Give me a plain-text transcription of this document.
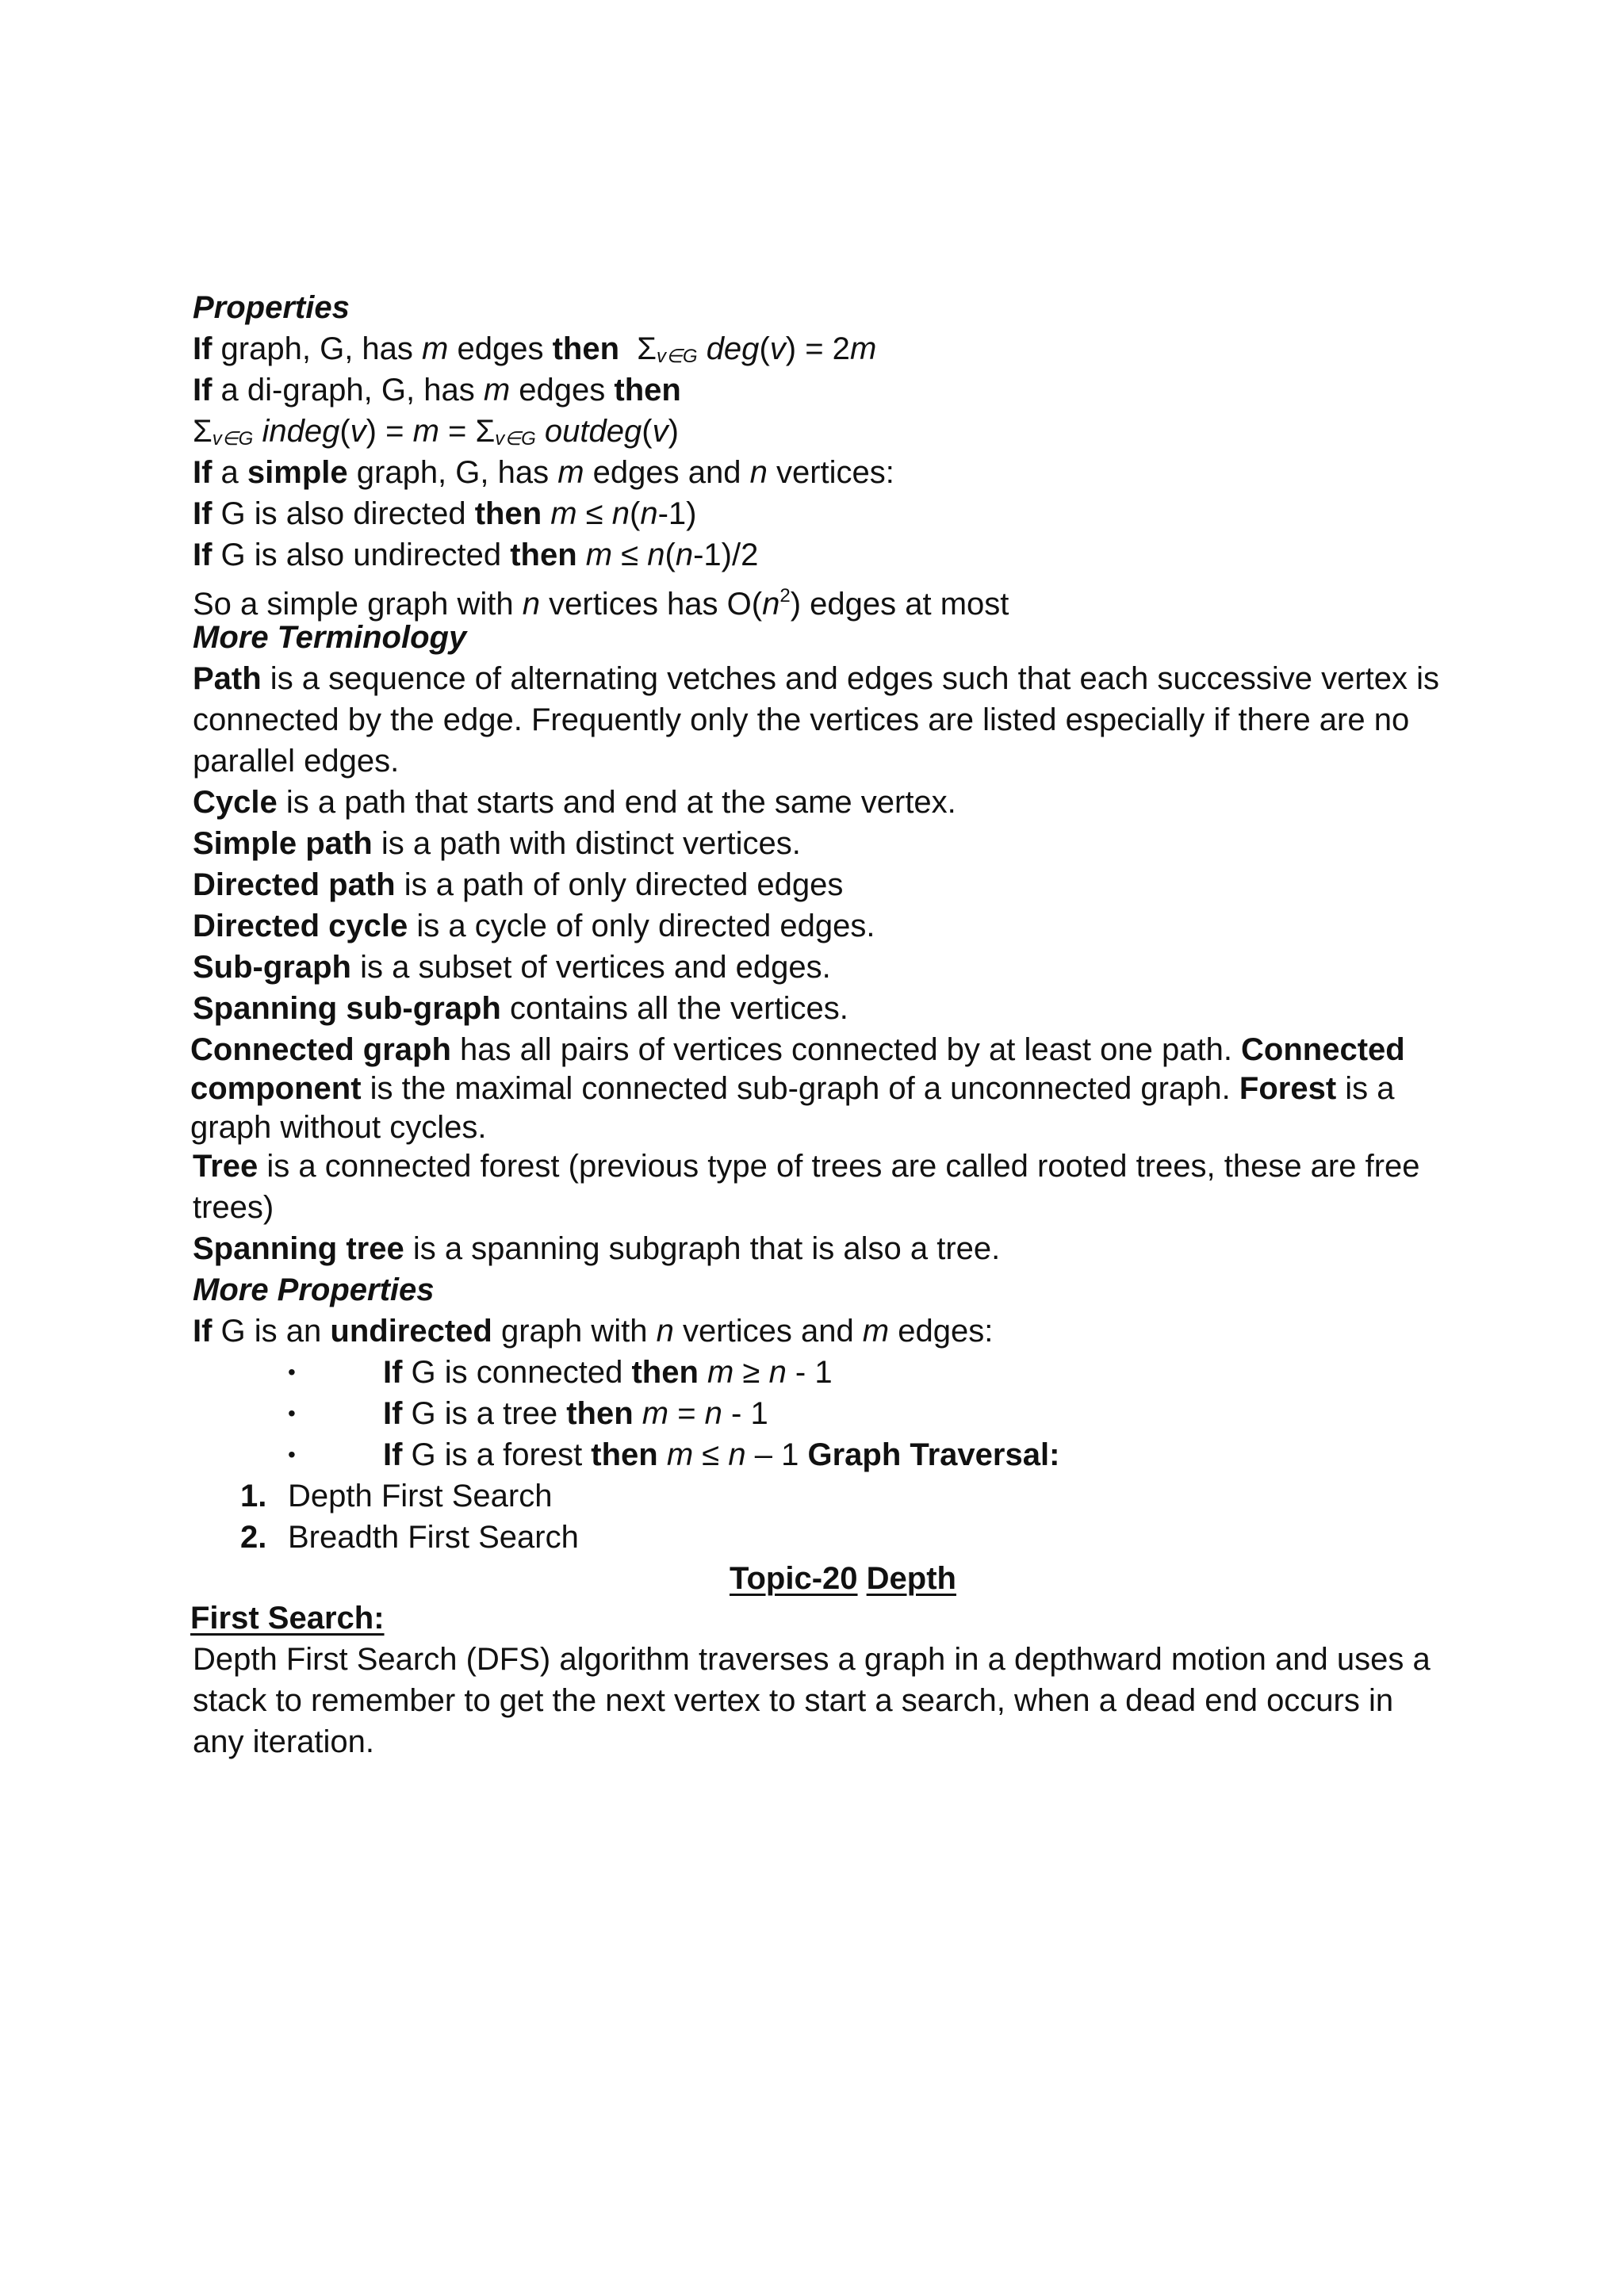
Properties

If graph, G, has m edges then Σv∈G deg(v) = 2m

If a di-graph, G, has m edges then

Σv∈G indeg(v) = m = Σv∈G outdeg(v)

If a simple graph, G, has m edges and n vertices:

If G is also directed then m ≤ n(n-1)

If G is also undirected then m ≤ n(n-1)/2

So a simple graph with n vertices has $O(n^2)$ edges at most

More Terminology

Path is a sequence of alternating vetches and edges such that each successive vertex is

connected by the edge. Frequently only the vertices are listed especially if there are no

parallel edges.

Cycle is a path that starts and end at the same vertex.

Simple path is a path with distinct vertices.

Directed path is a path of only directed edges

Directed cycle is a cycle of only directed edges.

Sub-graph is a subset of vertices and edges.

Spanning sub-graph contains all the vertices.

Connected graph has all pairs of vertices connected by at least one path. Connected

component is the maximal connected sub-graph of a unconnected graph. Forest is a

graph without cycles.

Tree is a connected forest (previous type of trees are called rooted trees, these are free

trees)

Spanning tree is a spanning subgraph that is also a tree.

More Properties

If G is an undirected graph with n vertices and m edges:

•	If G is connected then m ≥ n - 1

•	If G is a tree then m = n - 1

•	If G is a forest then m ≤ n – 1 Graph Traversal:

1. Depth First Search

2. Breadth First Search

Topic-20 Depth

First Search:

Depth First Search (DFS) algorithm traverses a graph in a depthward motion and uses a

stack to remember to get the next vertex to start a search, when a dead end occurs in

any iteration.
